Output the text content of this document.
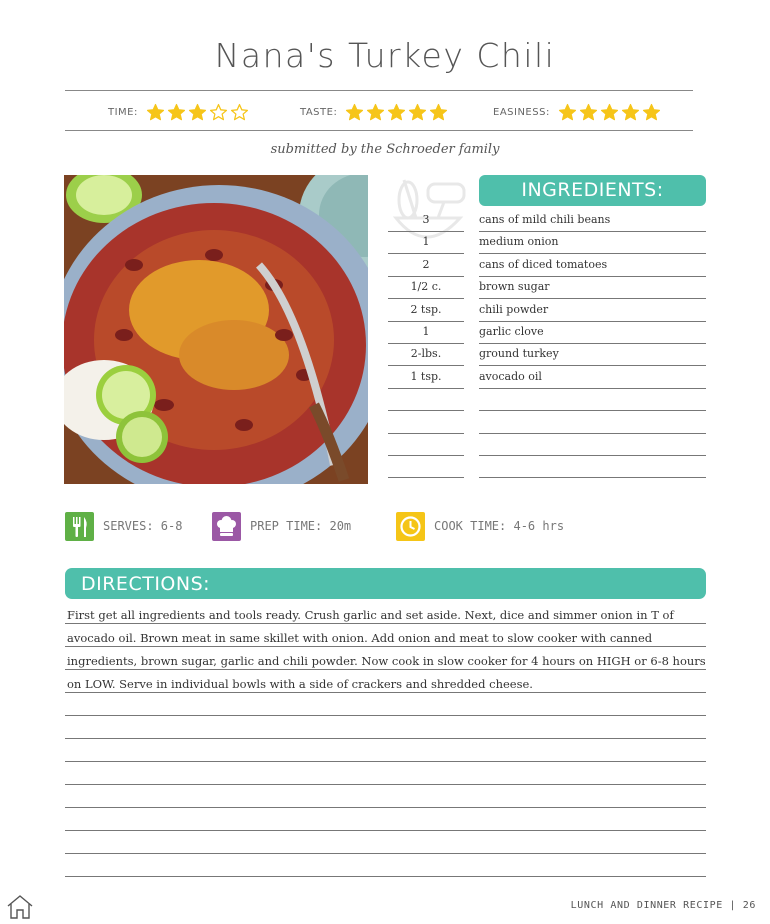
Nana's Turkey Chili
TIME:	TASTE:	EASINESS:
submitted by the Schroeder family
INGREDIENTS:
3	cans of mild chili beans
1	medium onion
2	cans of diced tomatoes
1/2 c.	brown sugar
2 tsp.	chili powder
1	garlic clove
2-lbs.	ground turkey
1 tsp.	avocado oil
SERVES: 6-8	PREP TIME: 20m	COOK TIME: 4-6 hrs
DIRECTIONS:
First get all ingredients and tools ready. Crush garlic and set aside. Next, dice and simmer onion in T of avocado oil. Brown meat in same skillet with onion. Add onion and meat to slow cooker with canned ingredients, brown sugar, garlic and chili powder. Now cook in slow cooker for 4 hours on HIGH or 6-8 hours on LOW. Serve in individual bowls with a side of crackers and shredded cheese.
LUNCH AND DINNER RECIPE | 26
